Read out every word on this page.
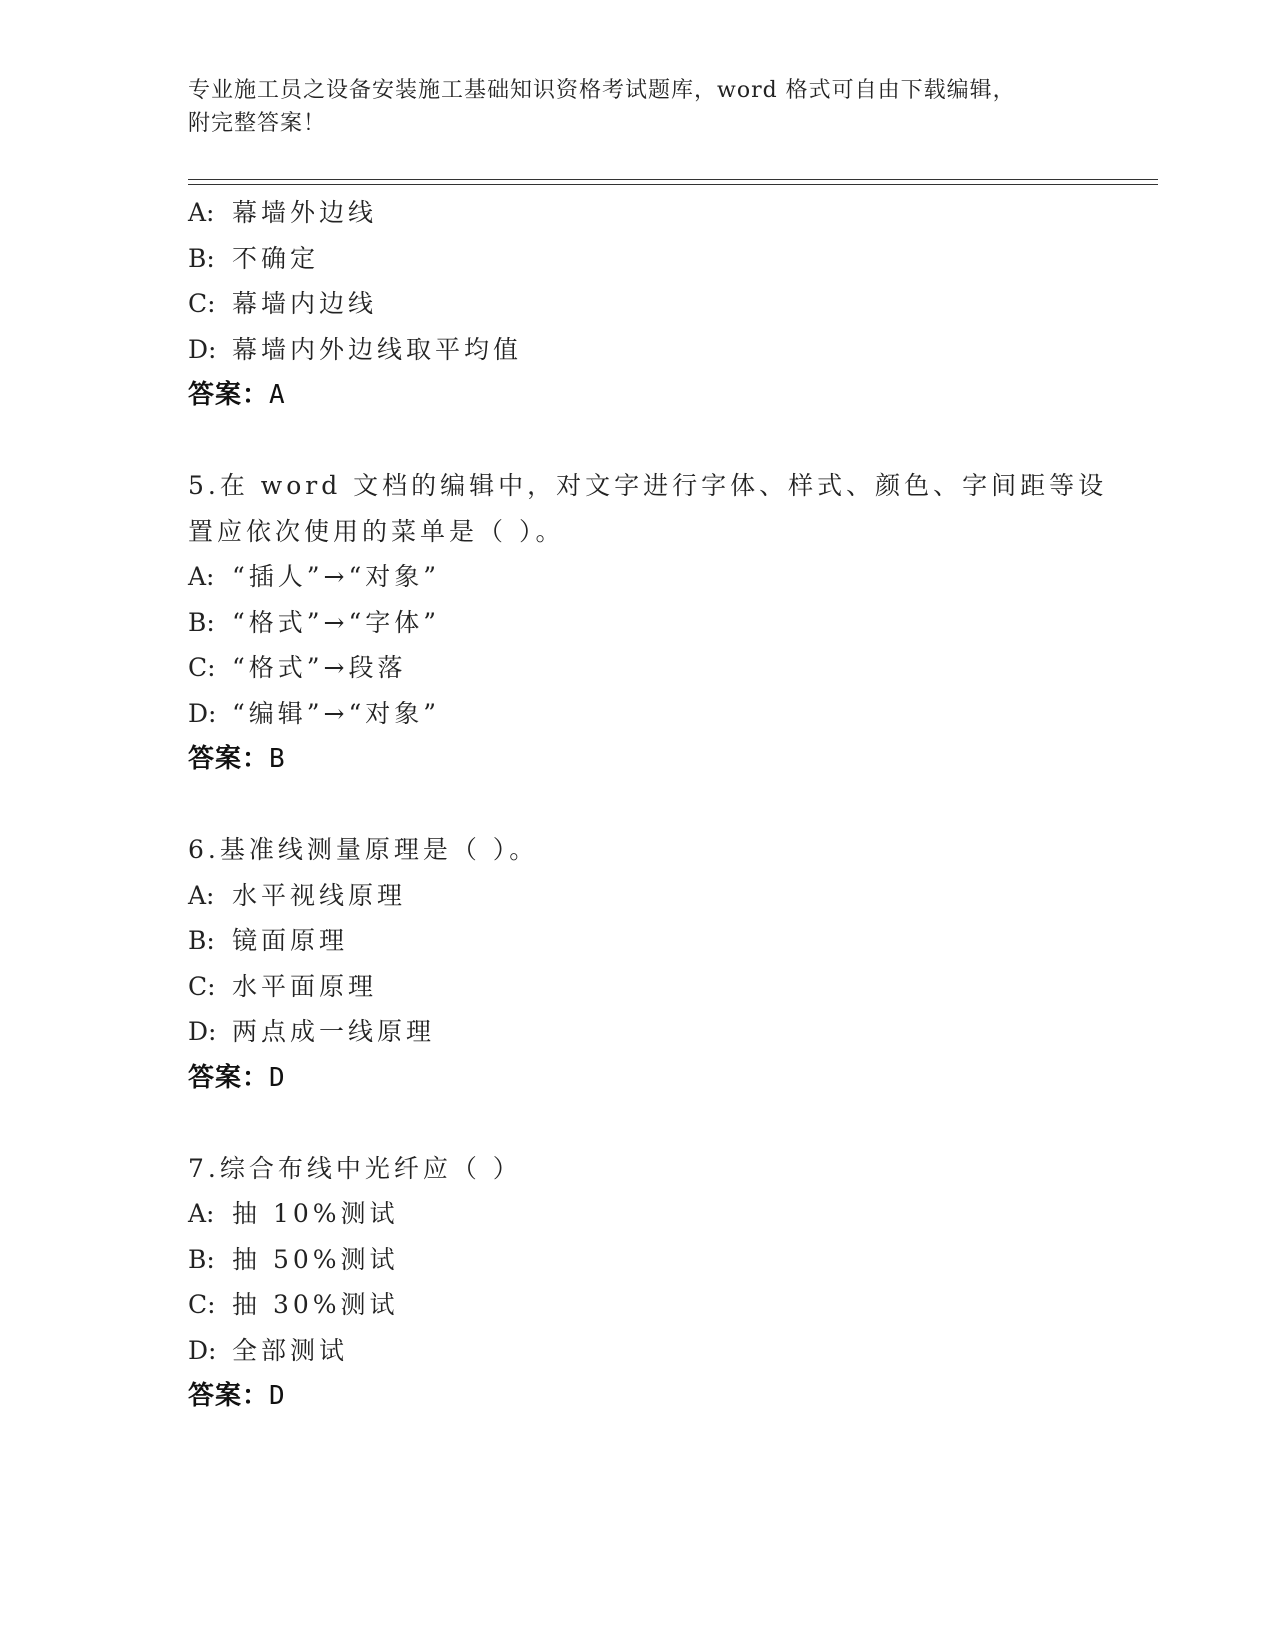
专业施工员之设备安装施工基础知识资格考试题库，word 格式可自由下载编辑，
附完整答案！

A: 幕墙外边线

B: 不确定

C: 幕墙内边线

D: 幕墙内外边线取平均值

答案：A

5.在 word 文档的编辑中，对文字进行字体、样式、颜色、字间距等设

置应依次使用的菜单是（ ）。

A: “插人”→“对象”

B: “格式”→“字体”

C: “格式”→段落

D: “编辑”→“对象”

答案：B

6.基准线测量原理是（ ）。

A: 水平视线原理

B: 镜面原理

C: 水平面原理

D: 两点成一线原理

答案：D

7.综合布线中光纤应（ ）

A: 抽 10%测试

B: 抽 50%测试

C: 抽 30%测试

D: 全部测试

答案：D
